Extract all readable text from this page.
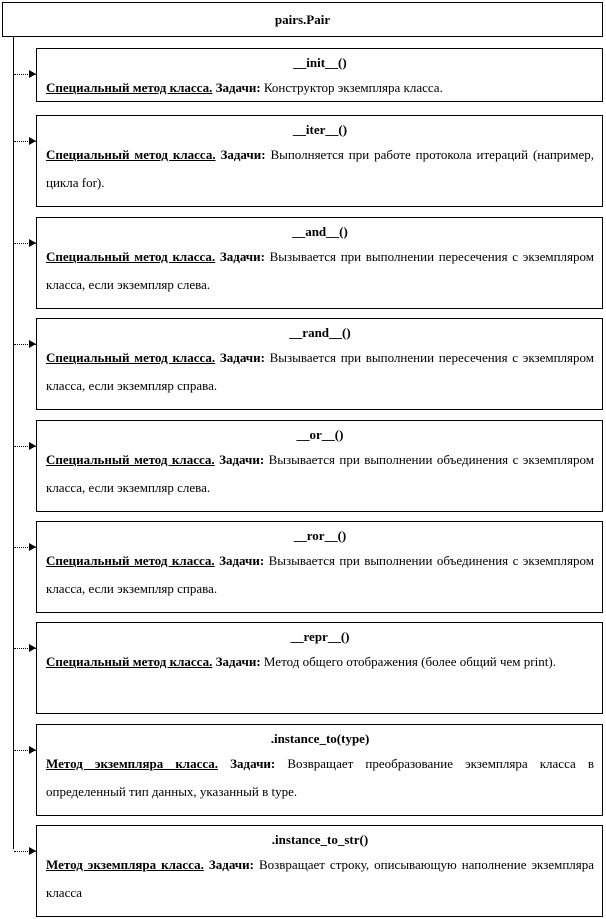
pairs.Pair
__init__()
Специальный метод класса. Задачи: Конструктор экземпляра класса.
__iter__()
Специальный метод класса. Задачи: Выполняется при работе протокола итераций (например, цикла for).
__and__()
Специальный метод класса. Задачи: Вызывается при выполнении пересечения с экземпляром класса, если экземпляр слева.
__rand__()
Специальный метод класса. Задачи: Вызывается при выполнении пересечения с экземпляром класса, если экземпляр справа.
__or__()
Специальный метод класса. Задачи: Вызывается при выполнении объединения с экземпляром класса, если экземпляр слева.
__ror__()
Специальный метод класса. Задачи: Вызывается при выполнении объединения с экземпляром класса, если экземпляр справа.
__repr__()
Специальный метод класса. Задачи: Метод общего отображения (более общий чем print).
.instance_to(type)
Метод экземпляра класса. Задачи: Возвращает преобразование экземпляра класса в определенный тип данных, указанный в type.
.instance_to_str()
Метод экземпляра класса. Задачи: Возвращает строку, описывающую наполнение экземпляра класса
